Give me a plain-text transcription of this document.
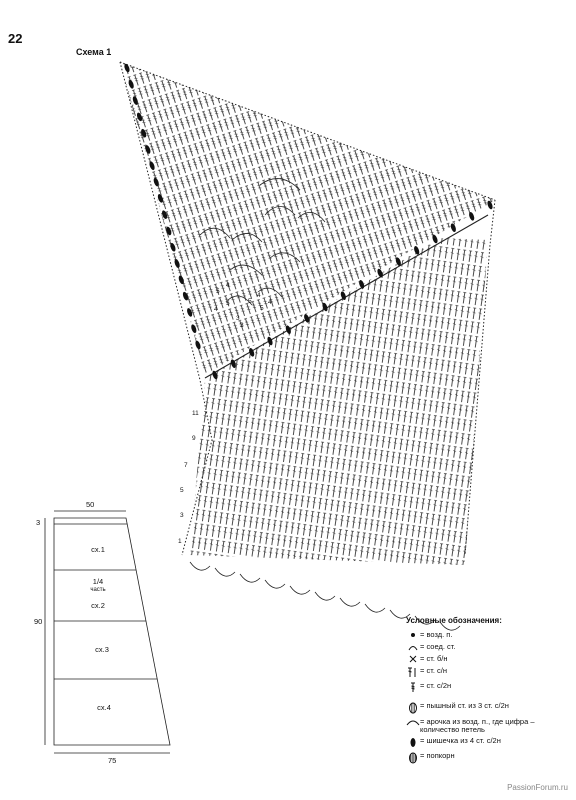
22
Схема 1
11
9
7
5
3
1
5
4
5
4
3
5
3
5
4
4
50
3
90
75
сх.1
1/4
часть
сх.2
сх.3
сх.4
Условные обозначения:
= возд. п.
= соед. ст.
= ст. б/н
= ст. с/н
= ст. с/2н
= пышный ст. из 3 ст. с/2н
= арочка из возд. п., где цифра – количество петель
= шишечка из 4 ст. с/2н
= попкорн
PassionForum.ru
